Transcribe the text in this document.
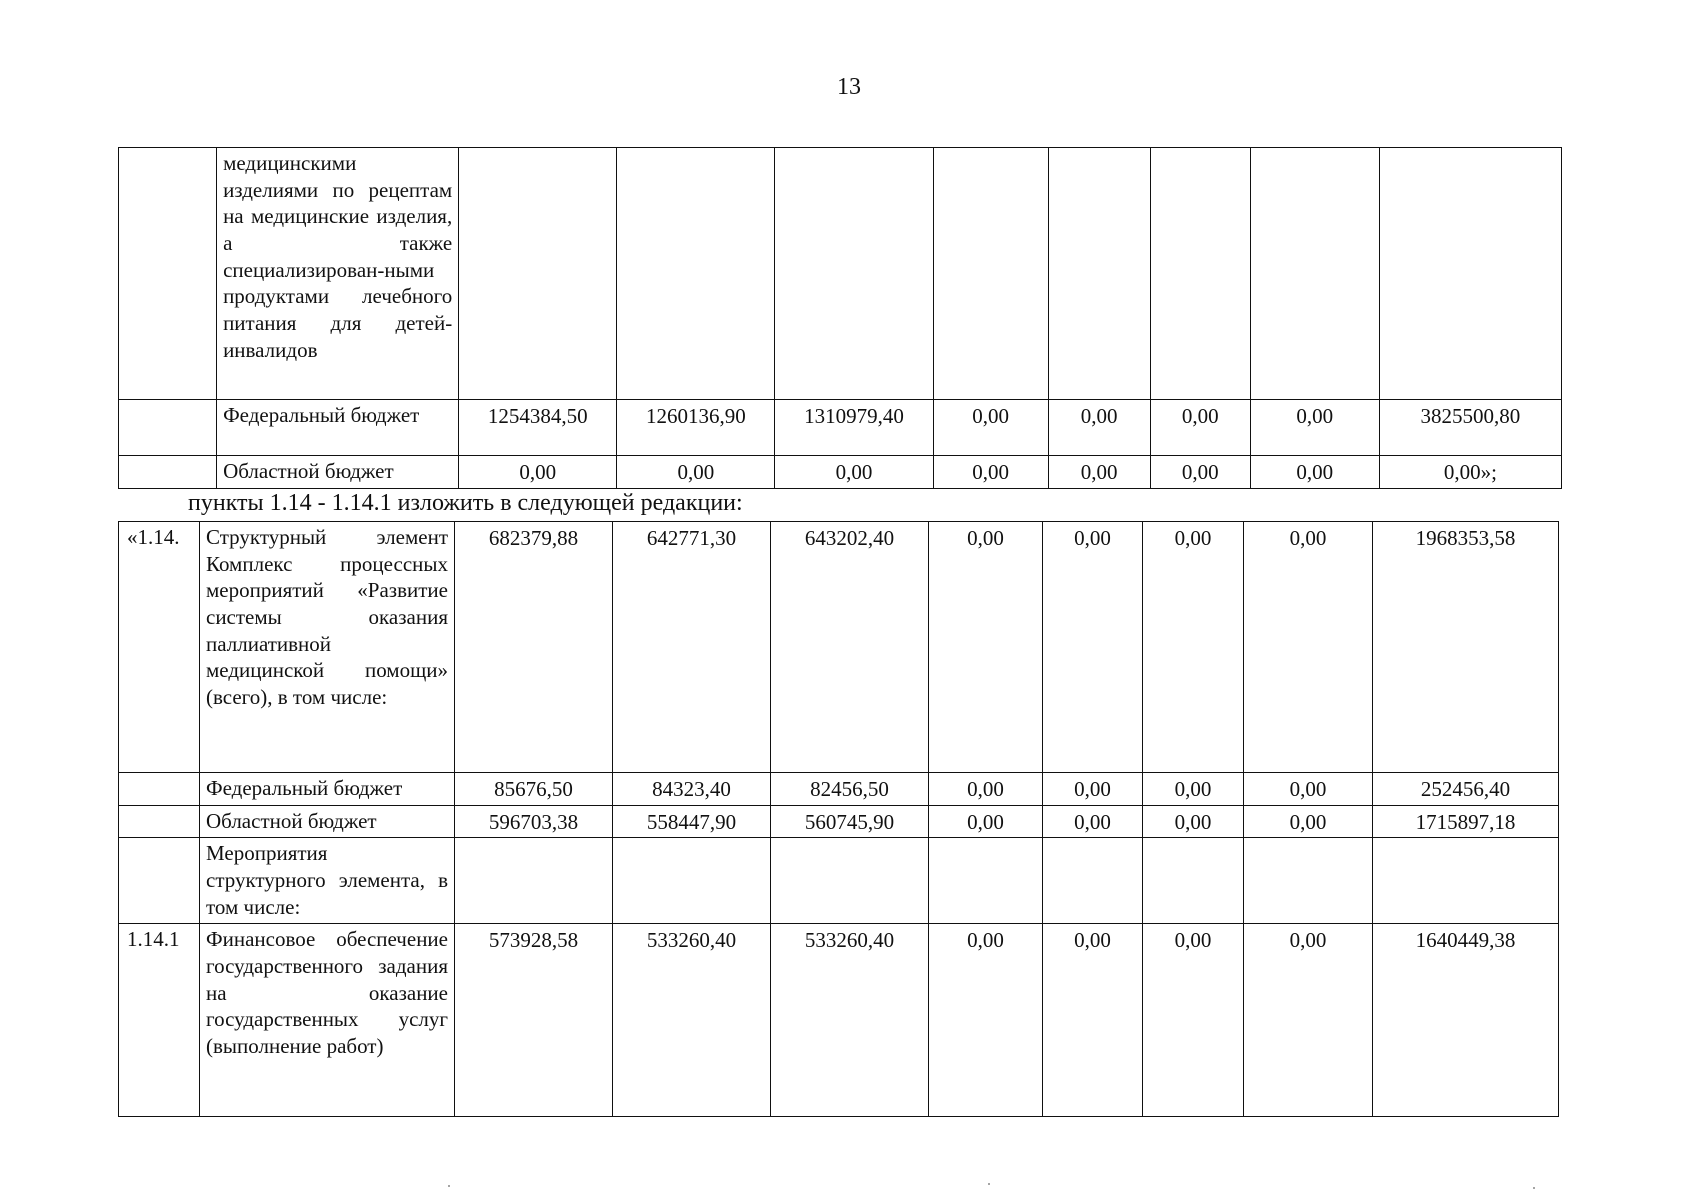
13
	медицинскими изделиями по рецептам на медицинские изделия, а также специализирован-ными продуктами лечебного питания для детей-инвалидов								
	Федеральный бюджет	1254384,50	1260136,90	1310979,40	0,00	0,00	0,00	0,00	3825500,80
	Областной бюджет	0,00	0,00	0,00	0,00	0,00	0,00	0,00	0,00»;
пункты 1.14 - 1.14.1 изложить в следующей редакции:
«1.14.	Структурный элемент Комплекс процессных мероприятий «Развитие системы оказания паллиативной медицинской помощи» (всего), в том числе:	682379,88	642771,30	643202,40	0,00	0,00	0,00	0,00	1968353,58
	Федеральный бюджет	85676,50	84323,40	82456,50	0,00	0,00	0,00	0,00	252456,40
	Областной бюджет	596703,38	558447,90	560745,90	0,00	0,00	0,00	0,00	1715897,18
	Мероприятия структурного элемента, в том числе:								
1.14.1	Финансовое обеспечение государственного задания на оказание государственных услуг (выполнение работ)	573928,58	533260,40	533260,40	0,00	0,00	0,00	0,00	1640449,38
